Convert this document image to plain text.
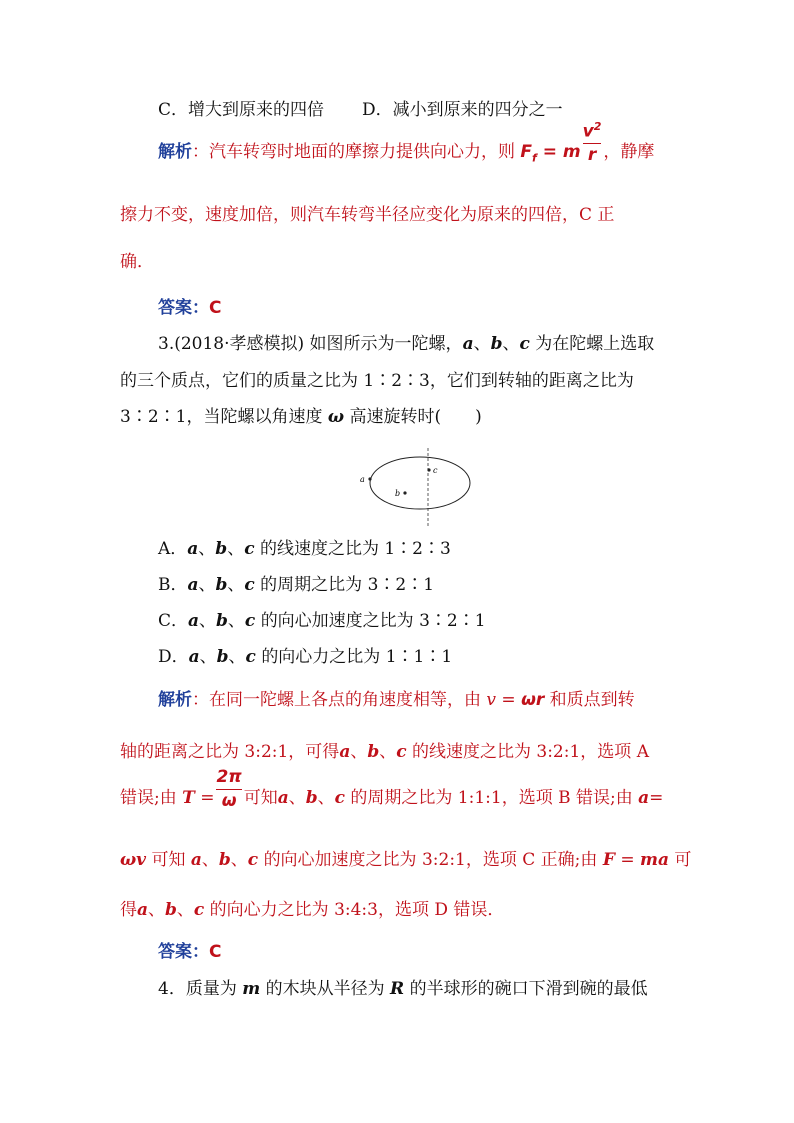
C．增大到原来的四倍 D．减小到原来的四分之一
解析：汽车转弯时地面的摩擦力提供向心力，则 $F_f = m \frac{v^2}{r}$ ，静摩
擦力不变，速度加倍，则汽车转弯半径应变化为原来的四倍，C 正
确．
答案：C
3.(2018·孝感模拟) 如图所示为一陀螺，a、b、c 为在陀螺上选取
的三个质点，它们的质量之比为 1∶2∶3，它们到转轴的距离之比为
3∶2∶1，当陀螺以角速度 ω 高速旋转时(　　)
a
b
c
A．a、b、c 的线速度之比为 1∶2∶3
B．a、b、c 的周期之比为 3∶2∶1
C．a、b、c 的向心加速度之比为 3∶2∶1
D．a、b、c 的向心力之比为 1∶1∶1
解析：在同一陀螺上各点的角速度相等，由 v = ωr 和质点到转
轴的距离之比为 3:2:1，可得a、b、c 的线速度之比为 3:2:1，选项 A
错误;由 $T = \frac{2\pi}{\omega}$ 可知a、b、c 的周期之比为 1:1:1，选项 B 错误;由 a=
ωv 可知 a、b、c 的向心加速度之比为 3:2:1，选项 C 正确;由 F = ma 可
得a、b、c 的向心力之比为 3:4:3，选项 D 错误．
答案：C
4．质量为 m 的木块从半径为 R 的半球形的碗口下滑到碗的最低
